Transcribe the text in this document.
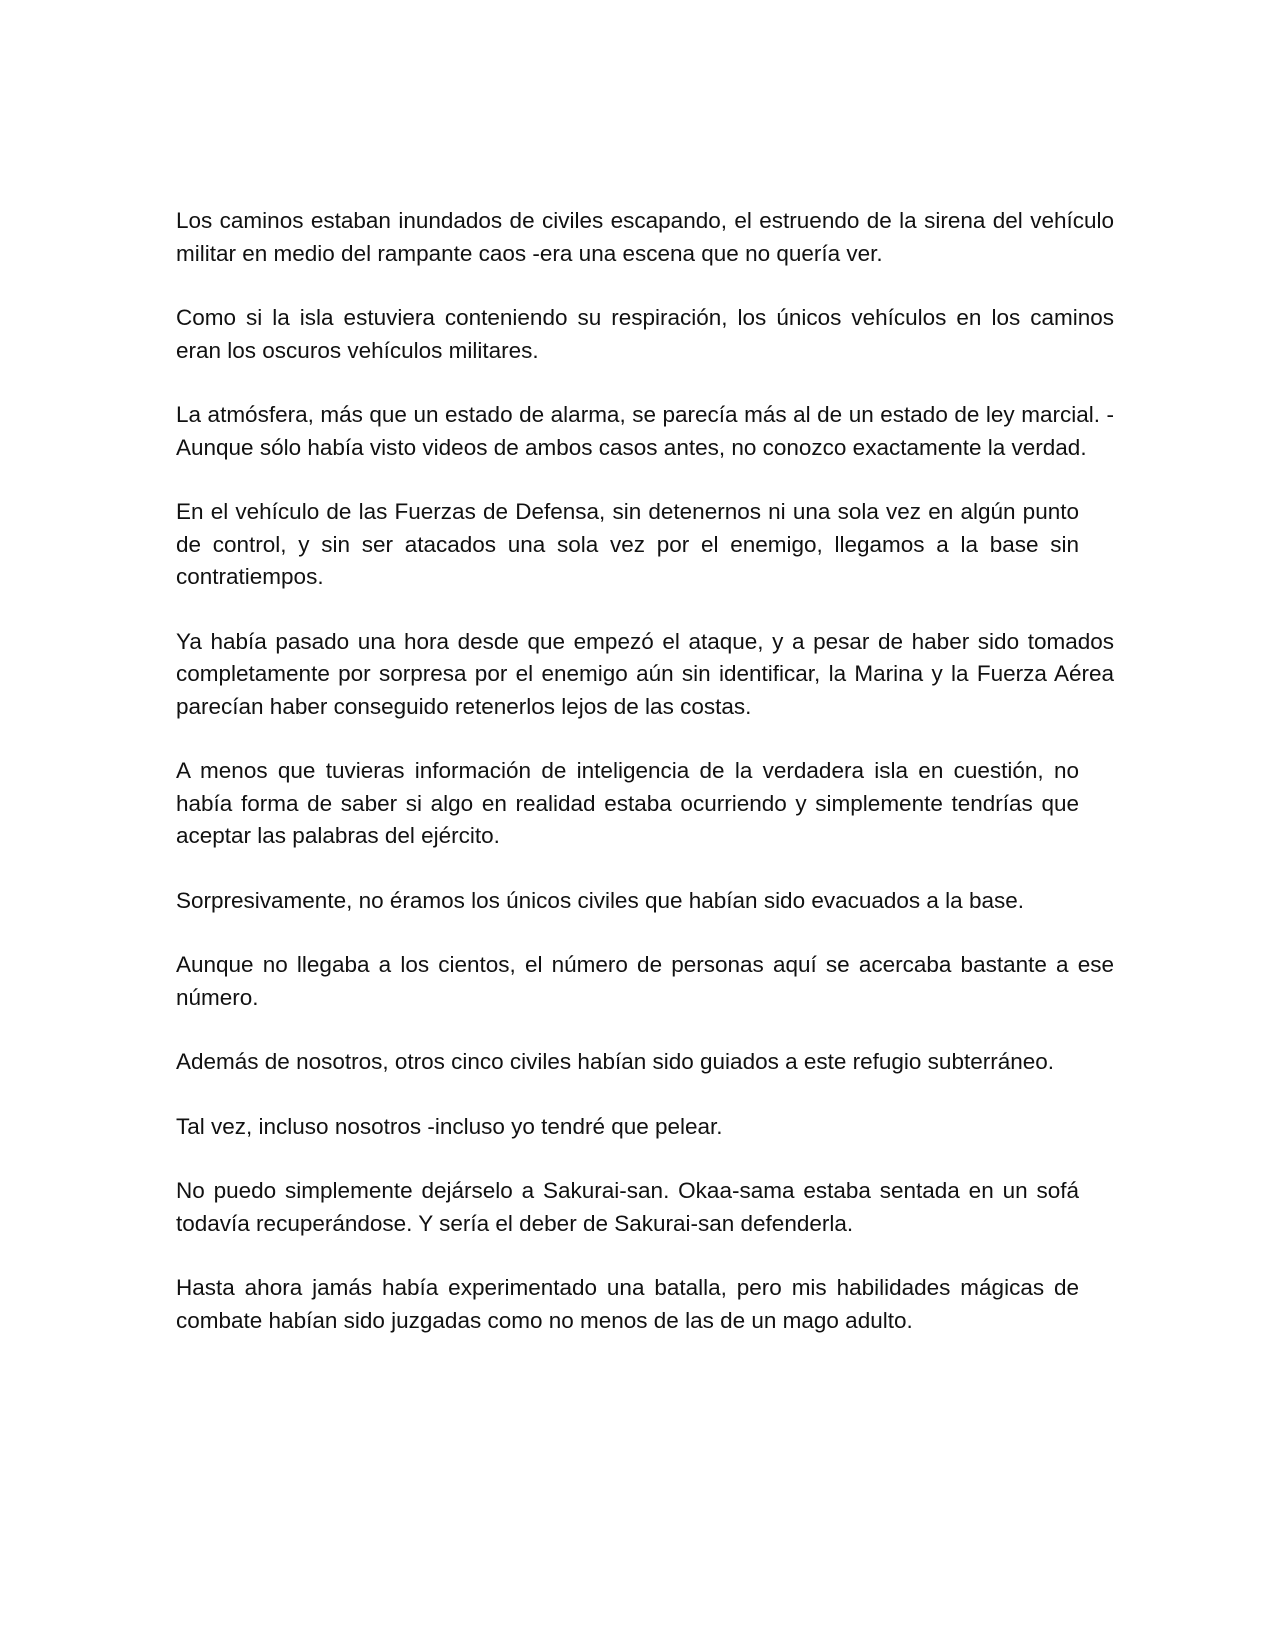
Los caminos estaban inundados de civiles escapando, el estruendo de la sirena del vehículo militar en medio del rampante caos -era una escena que no quería ver.

Como si la isla estuviera conteniendo su respiración, los únicos vehículos en los caminos eran los oscuros vehículos militares.

La atmósfera, más que un estado de alarma, se parecía más al de un estado de ley marcial. -Aunque sólo había visto videos de ambos casos antes, no conozco exactamente la verdad.

En el vehículo de las Fuerzas de Defensa, sin detenernos ni una sola vez en algún punto de control, y sin ser atacados una sola vez por el enemigo, llegamos a la base sin contratiempos.

Ya había pasado una hora desde que empezó el ataque, y a pesar de haber sido tomados completamente por sorpresa por el enemigo aún sin identificar, la Marina y la Fuerza Aérea parecían haber conseguido retenerlos lejos de las costas.

A menos que tuvieras información de inteligencia de la verdadera isla en cuestión, no había forma de saber si algo en realidad estaba ocurriendo y simplemente tendrías que aceptar las palabras del ejército.

Sorpresivamente, no éramos los únicos civiles que habían sido evacuados a la base.

Aunque no llegaba a los cientos, el número de personas aquí se acercaba bastante a ese número.

Además de nosotros, otros cinco civiles habían sido guiados a este refugio subterráneo.

Tal vez, incluso nosotros -incluso yo tendré que pelear.

No puedo simplemente dejárselo a Sakurai-san. Okaa-sama estaba sentada en un sofá todavía recuperándose. Y sería el deber de Sakurai-san defenderla.

Hasta ahora jamás había experimentado una batalla, pero mis habilidades mágicas de combate habían sido juzgadas como no menos de las de un mago adulto.
